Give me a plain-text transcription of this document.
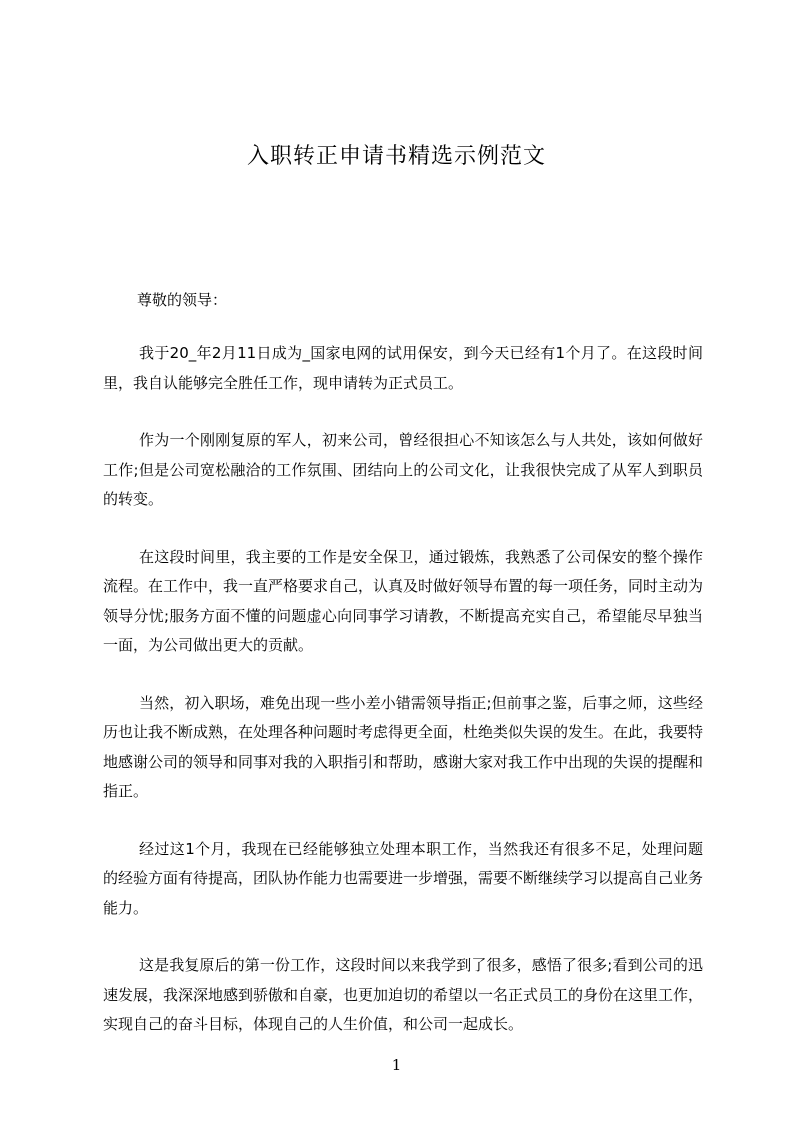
入职转正申请书精选示例范文
尊敬的领导：

我于20_年2月11日成为_国家电网的试用保安，到今天已经有1个月了。在这段时间里，我自认能够完全胜任工作，现申请转为正式员工。

作为一个刚刚复原的军人，初来公司，曾经很担心不知该怎么与人共处，该如何做好工作;但是公司宽松融洽的工作氛围、团结向上的公司文化，让我很快完成了从军人到职员的转变。

在这段时间里，我主要的工作是安全保卫，通过锻炼，我熟悉了公司保安的整个操作流程。在工作中，我一直严格要求自己，认真及时做好领导布置的每一项任务，同时主动为领导分忧;服务方面不懂的问题虚心向同事学习请教，不断提高充实自己，希望能尽早独当一面，为公司做出更大的贡献。

当然，初入职场，难免出现一些小差小错需领导指正;但前事之鉴，后事之师，这些经历也让我不断成熟，在处理各种问题时考虑得更全面，杜绝类似失误的发生。在此，我要特地感谢公司的领导和同事对我的入职指引和帮助，感谢大家对我工作中出现的失误的提醒和指正。

经过这1个月，我现在已经能够独立处理本职工作，当然我还有很多不足，处理问题的经验方面有待提高，团队协作能力也需要进一步增强，需要不断继续学习以提高自己业务能力。

这是我复原后的第一份工作，这段时间以来我学到了很多，感悟了很多;看到公司的迅速发展，我深深地感到骄傲和自豪，也更加迫切的希望以一名正式员工的身份在这里工作，实现自己的奋斗目标，体现自己的人生价值，和公司一起成长。

1
